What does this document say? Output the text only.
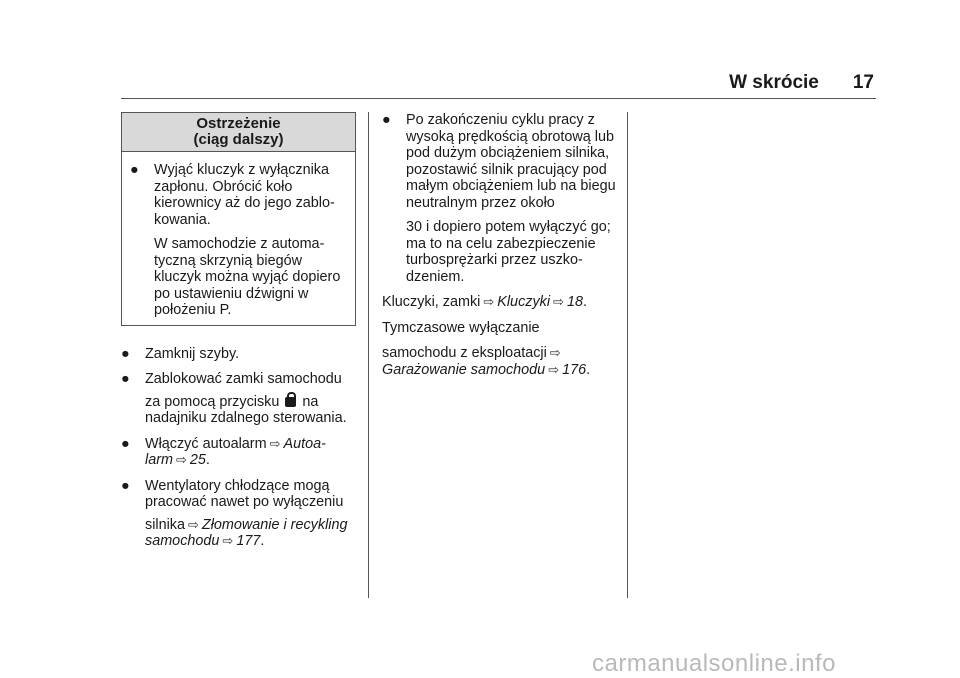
W skrócie 17
Ostrzeżenie
(ciąg dalszy)

● Wyjąć kluczyk z wyłącznika zapłonu. Obrócić koło kierownicy aż do jego zablo-kowania.

W samochodzie z automa-tyczną skrzynią biegów kluczyk można wyjąć dopiero po ustawieniu dźwigni w położeniu P.

● Zamknij szyby.

● Zablokować zamki samochodu
za pomocą przycisku na
nadajniku zdalnego sterowania.

● Włączyć autoalarm ⇨ Autoa-larm ⇨ 25.

● Wentylatory chłodzące mogą pracować nawet po wyłączeniu
silnika ⇨ Złomowanie i recykling
samochodu ⇨ 177.

● Po zakończeniu cyklu pracy z wysoką prędkością obrotową lub pod dużym obciążeniem silnika, pozostawić silnik pracujący pod małym obciążeniem lub na biegu neutralnym przez około

30 i dopiero potem wyłączyć go; ma to na celu zabezpieczenie turbosprężarki przez uszko-dzeniem.

Kluczyki, zamki ⇨ Kluczyki ⇨ 18.

Tymczasowe wyłączanie

samochodu z eksploatacji ⇨
Garażowanie samochodu ⇨ 176.

carmanualsonline.info
